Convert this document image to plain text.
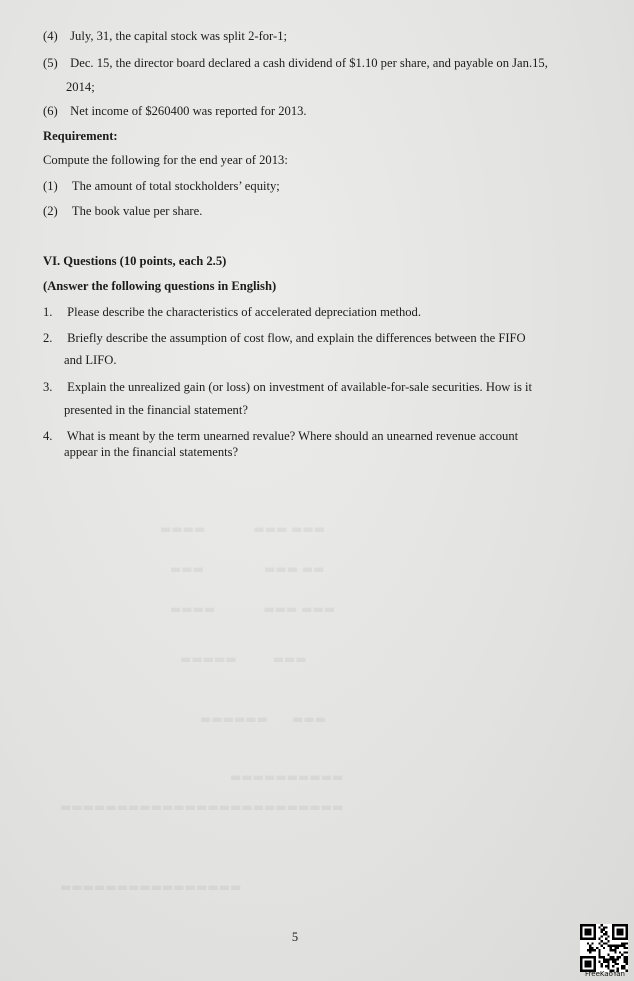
▬▬▬▬　　　　▬▬▬ ▬▬▬
▬▬▬　　　　　▬▬▬ ▬▬
▬▬▬▬　　　　▬▬▬ ▬▬▬
▬▬▬▬▬　　　▬▬▬
▬▬▬▬▬▬　　▬▬▬
▬▬▬▬▬▬▬▬▬▬
▬▬▬▬▬▬▬▬▬▬▬▬▬▬▬▬▬▬▬▬▬▬▬▬▬
▬▬▬▬▬▬▬▬▬▬▬▬▬▬▬▬
(4) July, 31, the capital stock was split 2-for-1;
(5) Dec. 15, the director board declared a cash dividend of $1.10 per share, and payable on Jan.15,
2014;
(6) Net income of $260400 was reported for 2013.
Requirement:
Compute the following for the end year of 2013:
(1) The amount of total stockholders’ equity;
(2) The book value per share.
VI. Questions (10 points, each 2.5)
(Answer the following questions in English)
1. Please describe the characteristics of accelerated depreciation method.
2. Briefly describe the assumption of cost flow, and explain the differences between the FIFO
and LIFO.
3. Explain the unrealized gain (or loss) on investment of available-for-sale securities. How is it
presented in the financial statement?
4. What is meant by the term unearned revalue? Where should an unearned revenue account
appear in the financial statements?
5
FreeKaoYan
